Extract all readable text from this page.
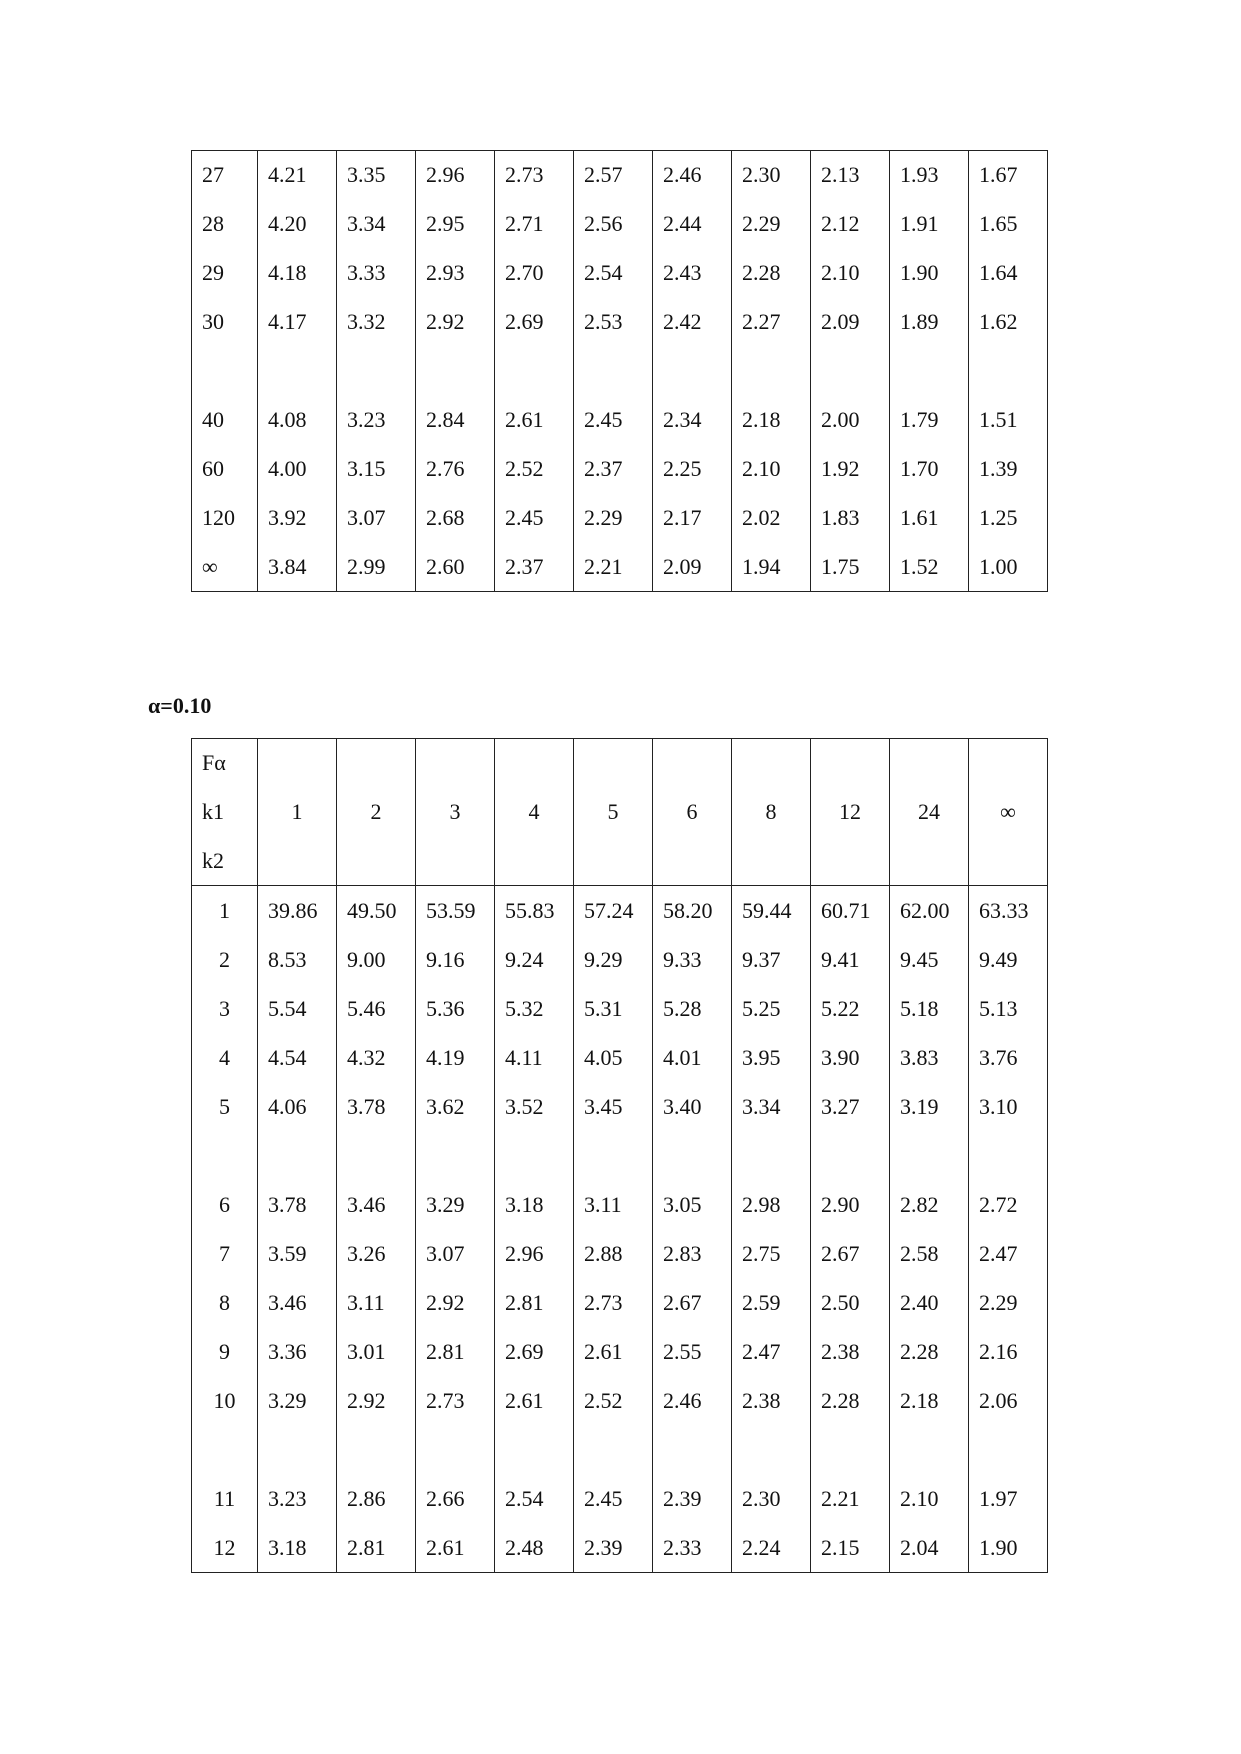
27	4.21	3.35	2.96	2.73	2.57	2.46	2.30	2.13	1.93	1.67
28	4.20	3.34	2.95	2.71	2.56	2.44	2.29	2.12	1.91	1.65
29	4.18	3.33	2.93	2.70	2.54	2.43	2.28	2.10	1.90	1.64
30	4.17	3.32	2.92	2.69	2.53	2.42	2.27	2.09	1.89	1.62

40	4.08	3.23	2.84	2.61	2.45	2.34	2.18	2.00	1.79	1.51
60	4.00	3.15	2.76	2.52	2.37	2.25	2.10	1.92	1.70	1.39
120	3.92	3.07	2.68	2.45	2.29	2.17	2.02	1.83	1.61	1.25
∞	3.84	2.99	2.60	2.37	2.21	2.09	1.94	1.75	1.52	1.00
α=0.10
Fα
k1
k2	1	2	3	4	5	6	8	12	24	∞
1	39.86	49.50	53.59	55.83	57.24	58.20	59.44	60.71	62.00	63.33
2	8.53	9.00	9.16	9.24	9.29	9.33	9.37	9.41	9.45	9.49
3	5.54	5.46	5.36	5.32	5.31	5.28	5.25	5.22	5.18	5.13
4	4.54	4.32	4.19	4.11	4.05	4.01	3.95	3.90	3.83	3.76
5	4.06	3.78	3.62	3.52	3.45	3.40	3.34	3.27	3.19	3.10

6	3.78	3.46	3.29	3.18	3.11	3.05	2.98	2.90	2.82	2.72
7	3.59	3.26	3.07	2.96	2.88	2.83	2.75	2.67	2.58	2.47
8	3.46	3.11	2.92	2.81	2.73	2.67	2.59	2.50	2.40	2.29
9	3.36	3.01	2.81	2.69	2.61	2.55	2.47	2.38	2.28	2.16
10	3.29	2.92	2.73	2.61	2.52	2.46	2.38	2.28	2.18	2.06

11	3.23	2.86	2.66	2.54	2.45	2.39	2.30	2.21	2.10	1.97
12	3.18	2.81	2.61	2.48	2.39	2.33	2.24	2.15	2.04	1.90
